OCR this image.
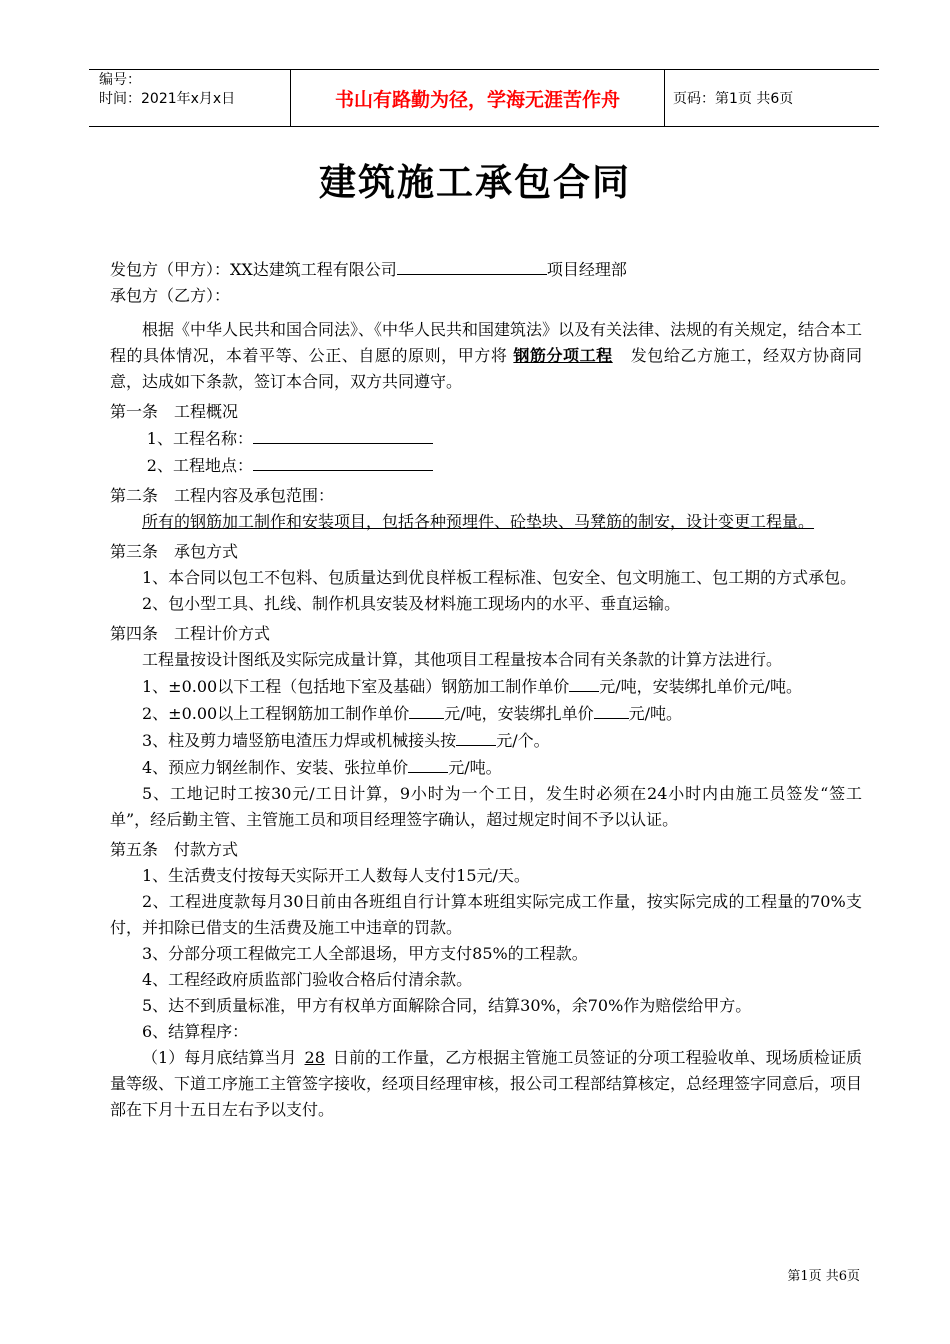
编号：
时间：2021年x月x日	书山有路勤为径，学海无涯苦作舟	页码：第1页 共6页
建筑施工承包合同

发包方（甲方）：XX达建筑工程有限公司	项目经理部

承包方（乙方）：

根据《中华人民共和国合同法》、《中华人民共和国建筑法》以及有关法律、法规的有关规定，结合本工程的具体情况，本着平等、公正、自愿的原则，甲方将 钢筋分项工程 发包给乙方施工，经双方协商同意，达成如下条款，签订本合同，双方共同遵守。

第一条　工程概况

1、工程名称：

2、工程地点：

第二条　工程内容及承包范围：

所有的钢筋加工制作和安装项目，包括各种预埋件、砼垫块、马凳筋的制安，设计变更工程量。

第三条　承包方式

1、本合同以包工不包料、包质量达到优良样板工程标准、包安全、包文明施工、包工期的方式承包。

2、包小型工具、扎线、制作机具安装及材料施工现场内的水平、垂直运输。

第四条　工程计价方式

工程量按设计图纸及实际完成量计算，其他项目工程量按本合同有关条款的计算方法进行。

1、±0.00以下工程（包括地下室及基础）钢筋加工制作单价 元/吨，安装绑扎单价元/吨。

2、±0.00以上工程钢筋加工制作单价 元/吨，安装绑扎单价 元/吨。

3、柱及剪力墙竖筋电渣压力焊或机械接头按	元/个。

4、预应力钢丝制作、安装、张拉单价	元/吨。

5、工地记时工按30元/工日计算，9小时为一个工日，发生时必须在24小时内由施工员签发“签工单”，经后勤主管、主管施工员和项目经理签字确认，超过规定时间不予以认证。

第五条　付款方式

1、生活费支付按每天实际开工人数每人支付15元/天。

2、工程进度款每月30日前由各班组自行计算本班组实际完成工作量，按实际完成的工程量的70%支付，并扣除已借支的生活费及施工中违章的罚款。

3、分部分项工程做完工人全部退场，甲方支付85%的工程款。

4、工程经政府质监部门验收合格后付清余款。

5、达不到质量标准，甲方有权单方面解除合同，结算30%，余70%作为赔偿给甲方。

6、结算程序：

（1）每月底结算当月 28 日前的工作量，乙方根据主管施工员签证的分项工程验收单、现场质检证质量等级、下道工序施工主管签字接收，经项目经理审核，报公司工程部结算核定，总经理签字同意后，项目部在下月十五日左右予以支付。

第1页 共6页
